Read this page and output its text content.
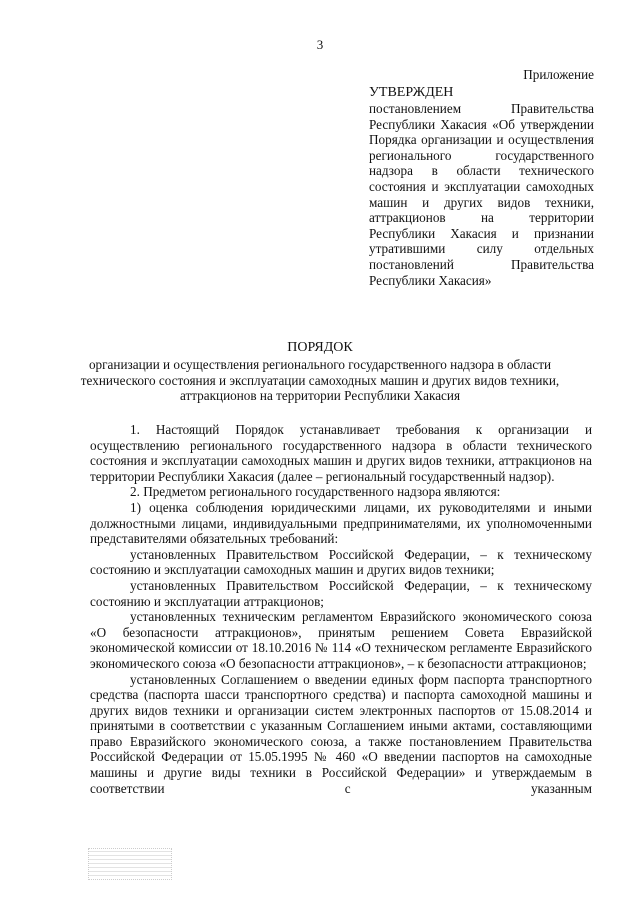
3
Приложение
УТВЕРЖДЕН

постановлением Правительства Республики Хакасия «Об утверждении Порядка организации и осуществления регионального государственного надзора в области технического состояния и эксплуатации самоходных машин и других видов техники, аттракционов на территории Республики Хакасия и признании утратившими силу отдельных постановлений Правительства Республики Хакасия»

ПОРЯДОК
организации и осуществления регионального государственного надзора в области технического состояния и эксплуатации самоходных машин и других видов техники, аттракционов на территории Республики Хакасия

1. Настоящий Порядок устанавливает требования к организации и осуществлению регионального государственного надзора в области технического состояния и эксплуатации самоходных машин и других видов техники, аттракционов на территории Республики Хакасия (далее – региональный государственный надзор).

2. Предметом регионального государственного надзора являются:

1) оценка соблюдения юридическими лицами, их руководителями и иными должностными лицами, индивидуальными предпринимателями, их уполномоченными представителями обязательных требований:

установленных Правительством Российской Федерации, – к техническому состоянию и эксплуатации самоходных машин и других видов техники;

установленных Правительством Российской Федерации, – к техническому состоянию и эксплуатации аттракционов;

установленных техническим регламентом Евразийского экономического союза «О безопасности аттракционов», принятым решением Совета Евразийской экономической комиссии от 18.10.2016 № 114 «О техническом регламенте Евразийского экономического союза «О безопасности аттракционов», – к безопасности аттракционов;

установленных Соглашением о введении единых форм паспорта транспортного средства (паспорта шасси транспортного средства) и паспорта самоходной машины и других видов техники и организации систем электронных паспортов от 15.08.2014 и принятыми в соответствии с указанным Соглашением иными актами, составляющими право Евразийского экономического союза, а также постановлением Правительства Российской Федерации от 15.05.1995 № 460 «О введении паспортов на самоходные машины и другие виды техники в Российской Федерации» и утверждаемым в соответствии с указанным
